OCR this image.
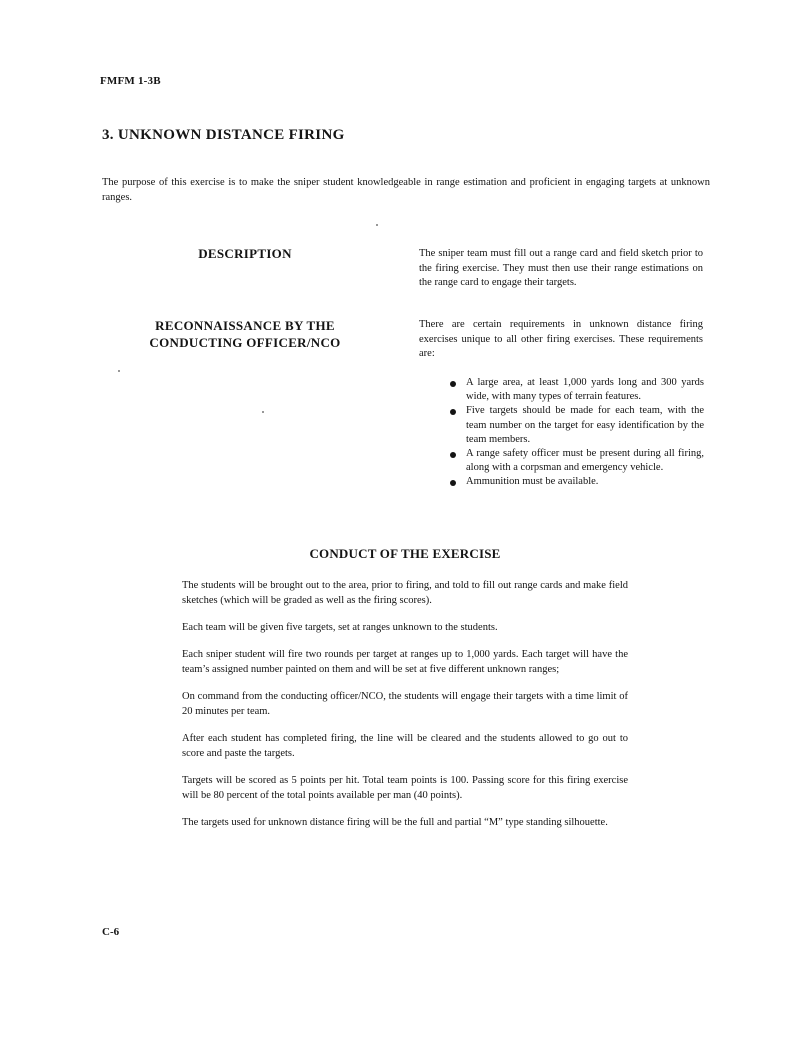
FMFM 1-3B
3. UNKNOWN DISTANCE FIRING
The purpose of this exercise is to make the sniper student knowledgeable in range estimation and proficient in engaging targets at unknown ranges.
DESCRIPTION	The sniper team must fill out a range card and field sketch prior to the firing exercise. They must then use their range estimations on the range card to engage their targets.
RECONNAISSANCE BY THE
CONDUCTING OFFICER/NCO
There are certain requirements in unknown distance firing exercises unique to all other firing exercises. These requirements are:
A large area, at least 1,000 yards long and 300 yards wide, with many types of terrain features.
Five targets should be made for each team, with the team number on the target for easy identification by the team members.
A range safety officer must be present during all firing, along with a corpsman and emergency vehicle.
Ammunition must be available.
CONDUCT OF THE EXERCISE

The students will be brought out to the area, prior to firing, and told to fill out range cards and make field sketches (which will be graded as well as the firing scores).

Each team will be given five targets, set at ranges unknown to the students.

Each sniper student will fire two rounds per target at ranges up to 1,000 yards. Each target will have the team’s assigned number painted on them and will be set at five different unknown ranges;

On command from the conducting officer/NCO, the students will engage their targets with a time limit of 20 minutes per team.

After each student has completed firing, the line will be cleared and the students allowed to go out to score and paste the targets.

Targets will be scored as 5 points per hit. Total team points is 100. Passing score for this firing exercise will be 80 percent of the total points available per man (40 points).

The targets used for unknown distance firing will be the full and partial “M” type standing silhouette.

C-6
